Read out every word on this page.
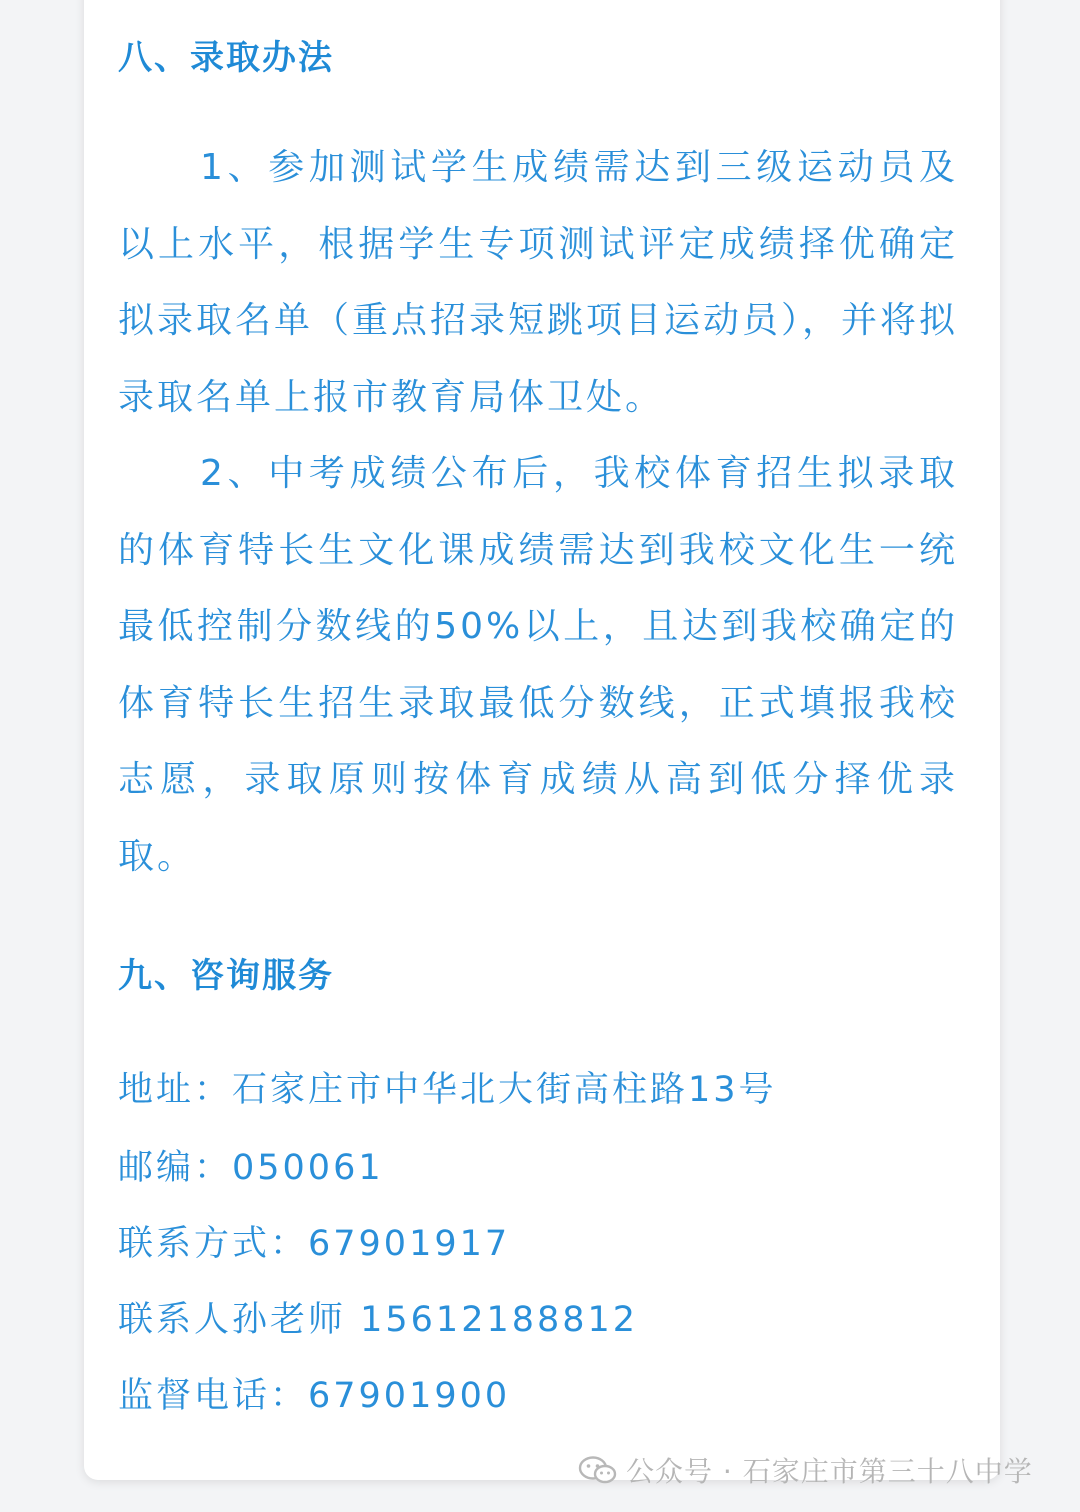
八、录取办法

1、参加测试学生成绩需达到三级运动员及以上水平，根据学生专项测试评定成绩择优确定拟录取名单（重点招录短跳项目运动员），并将拟录取名单上报市教育局体卫处。

2、中考成绩公布后，我校体育招生拟录取的体育特长生文化课成绩需达到我校文化生一统最低控制分数线的50%以上，且达到我校确定的体育特长生招生录取最低分数线，正式填报我校志愿，录取原则按体育成绩从高到低分择优录取。

九、咨询服务

地址：石家庄市中华北大街高柱路13号

邮编：050061

联系方式：67901917

联系人孙老师 15612188812

监督电话：67901900

公众号 · 石家庄市第三十八中学
